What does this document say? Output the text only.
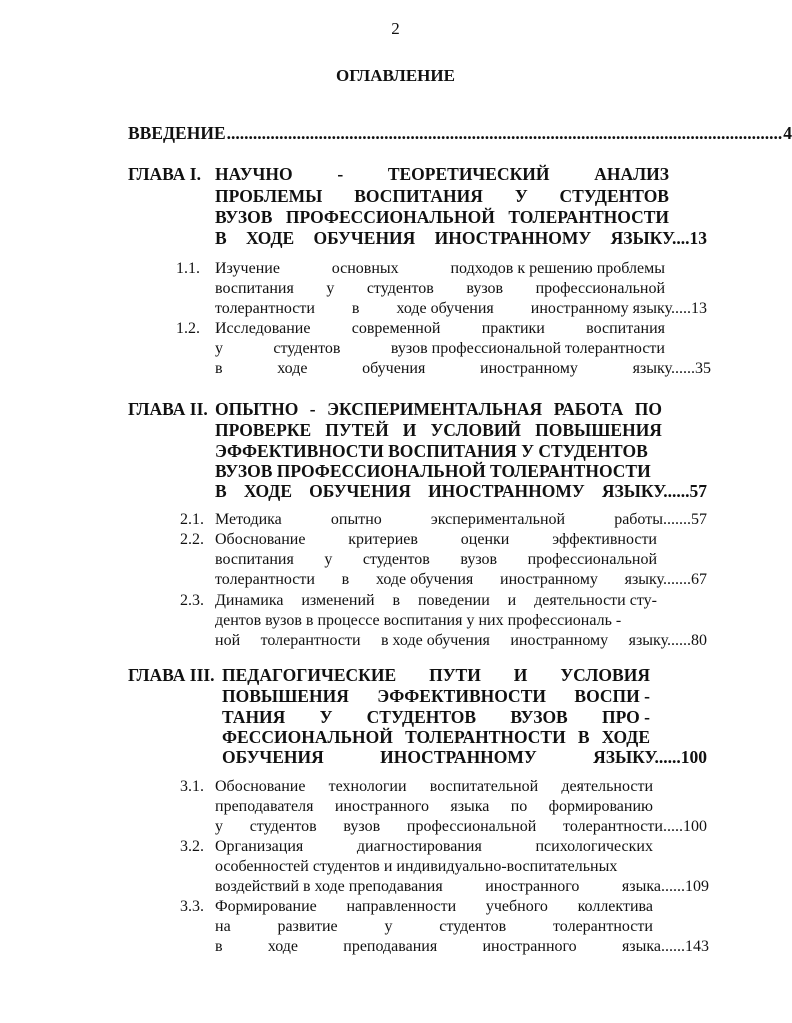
2
ОГЛАВЛЕНИЕ
ВВЕДЕНИЕ ............................................................................................................................... 4
ГЛАВА I. НАУЧНО	-	ТЕОРЕТИЧЕСКИЙ	АНАЛИЗ
ПРОБЛЕМЫ ВОСПИТАНИЯ У СТУДЕНТОВ
ВУЗОВ ПРОФЕССИОНАЛЬНОЙ ТОЛЕРАНТНОСТИ
В ХОДЕ ОБУЧЕНИЯ ИНОСТРАННОМУ ЯЗЫКУ....13
1.1. Изучение	основных	подходов к решению проблемы
воспитания у студентов вузов профессиональной
толерантности в ходе обучения иностранному языку.....13
1.2. Исследование	современной	практики	воспитания
у	студентов	вузов профессиональной толерантности
в	ходе	обучения	иностранному	языку......35
ГЛАВА II. ОПЫТНО - ЭКСПЕРИМЕНТАЛЬНАЯ РАБОТА ПО
ПРОВЕРКЕ ПУТЕЙ И УСЛОВИЙ ПОВЫШЕНИЯ
ЭФФЕКТИВНОСТИ ВОСПИТАНИЯ У СТУДЕНТОВ
ВУЗОВ ПРОФЕССИОНАЛЬНОЙ ТОЛЕРАНТНОСТИ
В ХОДЕ ОБУЧЕНИЯ ИНОСТРАННОМУ ЯЗЫКУ......57
2.1. Методика	опытно	экспериментальной	работы.......57
2.2. Обоснование	критериев	оценки	эффективности
воспитания у студентов вузов профессиональной
толерантности в ходе обучения иностранному языку.......67
2.3. Динамика изменений в поведении и деятельности сту-
дентов вузов в процессе воспитания у них профессиональ -
ной толерантности в ходе обучения иностранному языку......80
ГЛАВА III. ПЕДАГОГИЧЕСКИЕ ПУТИ И УСЛОВИЯ
ПОВЫШЕНИЯ ЭФФЕКТИВНОСТИ ВОСПИ -
ТАНИЯ У СТУДЕНТОВ ВУЗОВ ПРО -
ФЕССИОНАЛЬНОЙ ТОЛЕРАНТНОСТИ В ХОДЕ
ОБУЧЕНИЯ	ИНОСТРАННОМУ	ЯЗЫКУ......100
3.1. Обоснование технологии воспитательной деятельности
преподавателя иностранного языка по формированию
у студентов вузов профессиональной толерантности.....100
3.2. Организация	диагностирования	психологических
особенностей студентов и индивидуально-воспитательных
воздействий в ходе преподавания	иностранного	языка......109
3.3. Формирование направленности учебного коллектива
на	развитие	у	студентов	толерантности
в	ходе	преподавания	иностранного	языка......143
